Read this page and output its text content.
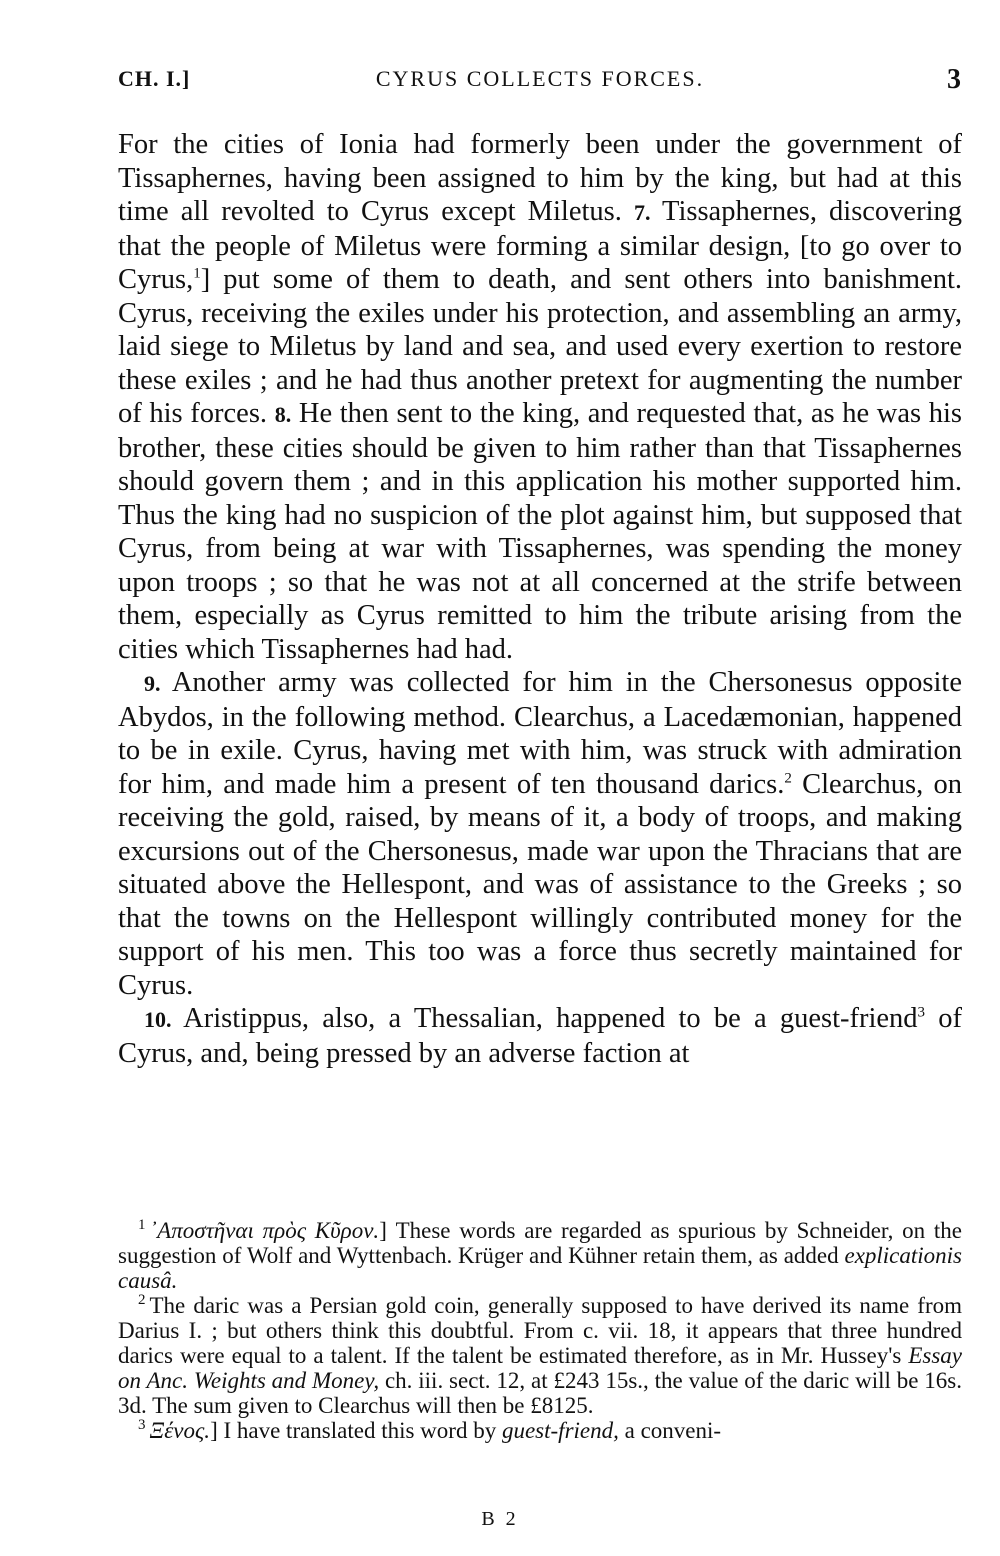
CH. I.]	CYRUS COLLECTS FORCES.	3

For the cities of Ionia had formerly been under the government of Tissaphernes, having been assigned to him by the king, but had at this time all revolted to Cyrus except Miletus. 7. Tissaphernes, discovering that the people of Miletus were forming a similar design, [to go over to Cyrus,$^1$] put some of them to death, and sent others into banishment. Cyrus, receiving the exiles under his protection, and assembling an army, laid siege to Miletus by land and sea, and used every exertion to restore these exiles ; and he had thus another pretext for augmenting the number of his forces. 8. He then sent to the king, and requested that, as he was his brother, these cities should be given to him rather than that Tissaphernes should govern them ; and in this application his mother supported him. Thus the king had no suspicion of the plot against him, but supposed that Cyrus, from being at war with Tissaphernes, was spending the money upon troops ; so that he was not at all concerned at the strife between them, especially as Cyrus remitted to him the tribute arising from the cities which Tissaphernes had had.

9. Another army was collected for him in the Chersonesus opposite Abydos, in the following method. Clearchus, a Lacedæmonian, happened to be in exile. Cyrus, having met with him, was struck with admiration for him, and made him a present of ten thousand darics.$^2$ Clearchus, on receiving the gold, raised, by means of it, a body of troops, and making excursions out of the Chersonesus, made war upon the Thracians that are situated above the Hellespont, and was of assistance to the Greeks ; so that the towns on the Hellespont willingly contributed money for the support of his men. This too was a force thus secretly maintained for Cyrus.

10. Aristippus, also, a Thessalian, happened to be a guest-friend$^3$ of Cyrus, and, being pressed by an adverse faction at

$^1$ ᾿Αποστῆναι πρὸς Κῦρον.] These words are regarded as spurious by Schneider, on the suggestion of Wolf and Wyttenbach. Krüger and Kühner retain them, as added explicationis causâ.

$^2$ The daric was a Persian gold coin, generally supposed to have derived its name from Darius I. ; but others think this doubtful. From c. vii. 18, it appears that three hundred darics were equal to a talent. If the talent be estimated therefore, as in Mr. Hussey's Essay on Anc. Weights and Money, ch. iii. sect. 12, at £243 15s., the value of the daric will be 16s. 3d. The sum given to Clearchus will then be £8125.

$^3$ Ξένος.] I have translated this word by guest-friend, a conveni-

B 2
